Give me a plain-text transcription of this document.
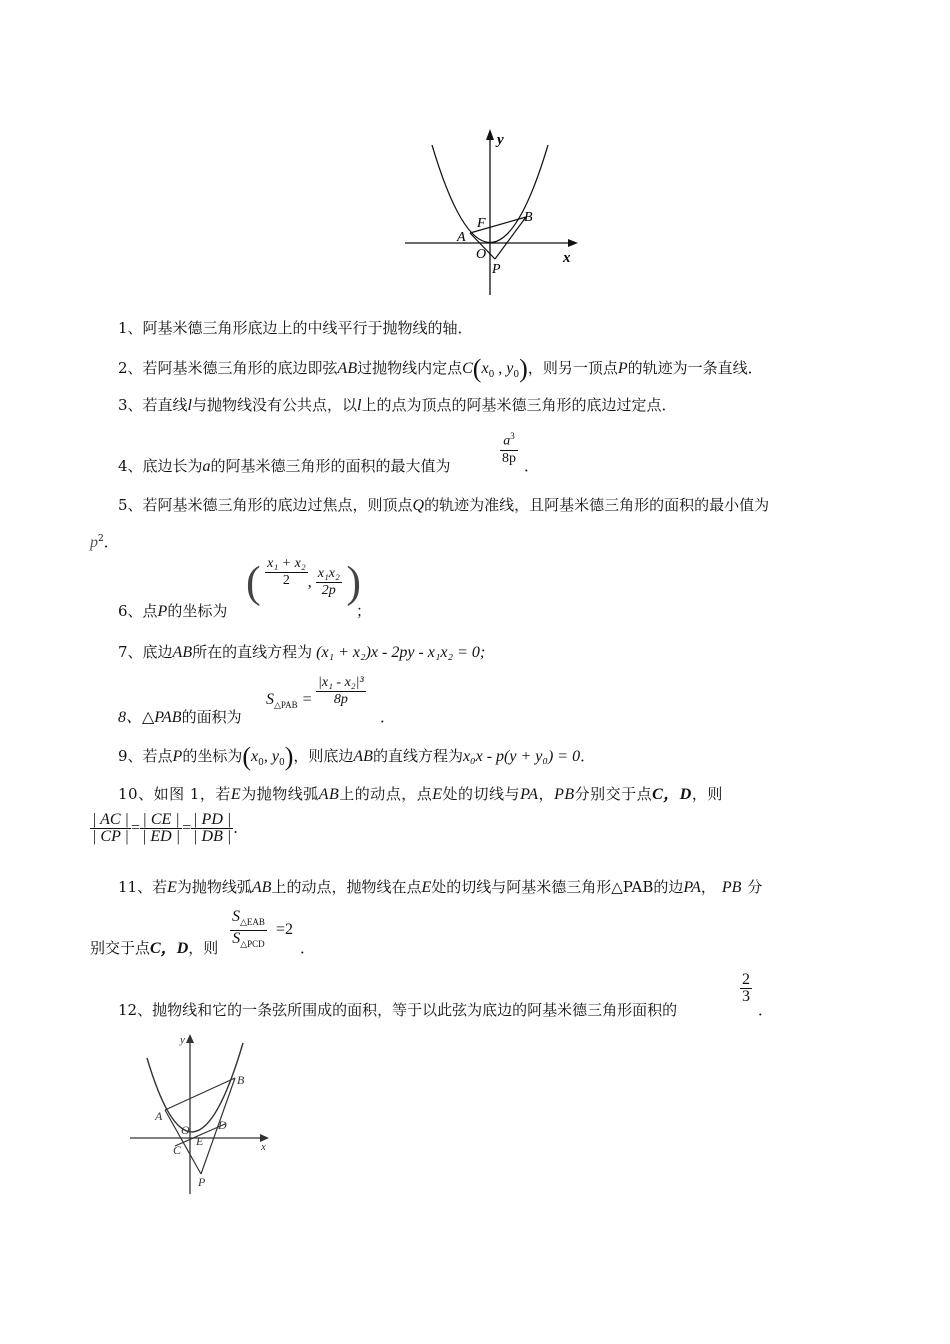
y
x
F	B
A
O
P
1、阿基米德三角形底边上的中线平行于抛物线的轴．
2、若阿基米德三角形的底边即弦AB过抛物线内定点$C(x_0$ , $y_0$)，则另一顶点P的轨迹为一条直线．
3、若直线l与抛物线没有公共点，以l上的点为顶点的阿基米德三角形的底边过定点．
4、底边长为a的阿基米德三角形的面积的最大值为	$\frac{a^3}{8p}$ ．
5、若阿基米德三角形的底边过焦点，则顶点Q的轨迹为准线，且阿基米德三角形的面积的最小值为
$p^2$．
6、点P的坐标为
( $\frac{\text{x₁ + x₂}}{2}$ , $\frac{\text{x₁x₂}}{2p}$ )
；
7、底边AB所在的直线方程为 (x₁ + x₂)x - 2py - x₁x₂ = 0;
8、△PAB的面积为
$S_{\triangle PAB} = \frac{\text{|x₁ - x₂|³}}{8p}$
．
9、若点P的坐标为($x_0$, $y_0$)，则底边AB的直线方程为x₀x - p(y + y₀) = 0．
10、如图 1，若E为抛物线弧AB上的动点，点E处的切线与PA，PB分别交于点C，D，则
$\frac{| AC |}{| CP |} = \frac{| CE |}{| ED |} = \frac{| PD |}{| DB |}$ ．
11、若E为抛物线弧AB上的动点，抛物线在点E处的切线与阿基米德三角形△PAB的边PA， PB 分
别交于点C，D，则
$S_{\triangle EAB}$
$S_{\triangle PCD}$
=2
．
12、抛物线和它的一条弦所围成的面积，等于以此弦为底边的阿基米德三角形面积的
$\frac{2}{3}$
．
y
x
B
A
O
E
D
C
P
